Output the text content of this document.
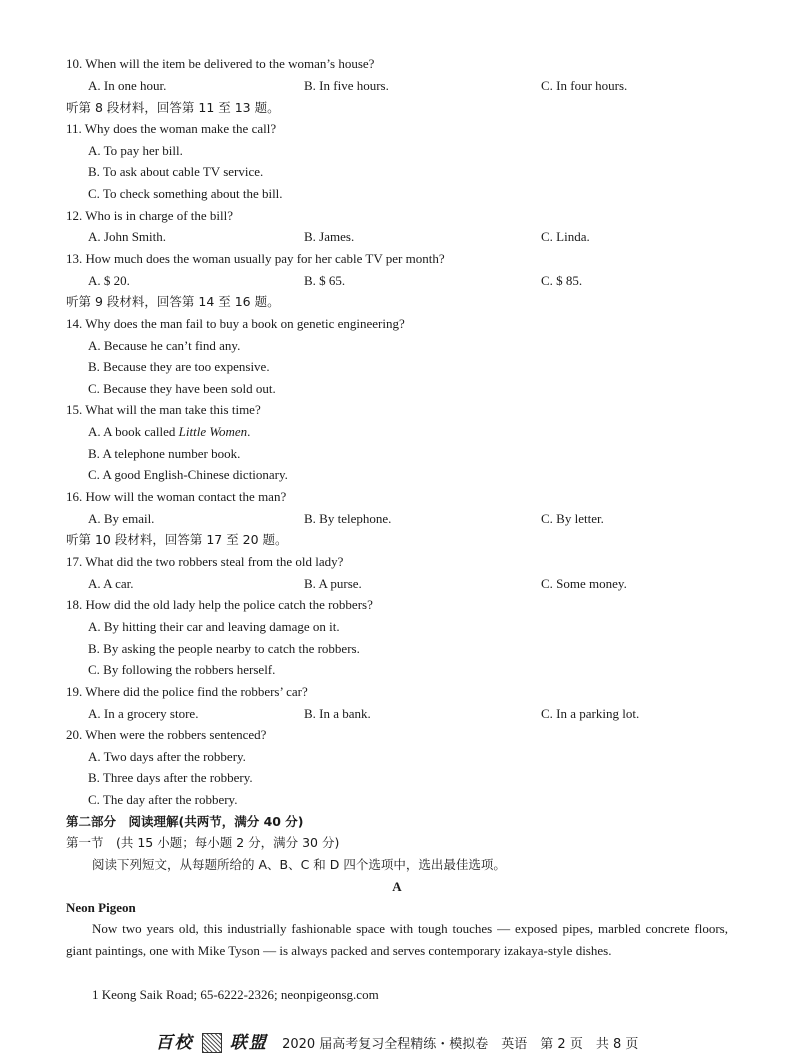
10. When will the item be delivered to the woman’s house?
A. In one hour.	B. In five hours.	C. In four hours.
听第 8 段材料，回答第 11 至 13 题。
11. Why does the woman make the call?
A. To pay her bill.
B. To ask about cable TV service.
C. To check something about the bill.
12. Who is in charge of the bill?
A. John Smith.	B. James.	C. Linda.
13. How much does the woman usually pay for her cable TV per month?
A. $ 20.	B. $ 65.	C. $ 85.
听第 9 段材料，回答第 14 至 16 题。
14. Why does the man fail to buy a book on genetic engineering?
A. Because he can’t find any.
B. Because they are too expensive.
C. Because they have been sold out.
15. What will the man take this time?
A. A book called Little Women.
B. A telephone number book.
C. A good English-Chinese dictionary.
16. How will the woman contact the man?
A. By email.	B. By telephone.	C. By letter.
听第 10 段材料，回答第 17 至 20 题。
17. What did the two robbers steal from the old lady?
A. A car.	B. A purse.	C. Some money.
18. How did the old lady help the police catch the robbers?
A. By hitting their car and leaving damage on it.
B. By asking the people nearby to catch the robbers.
C. By following the robbers herself.
19. Where did the police find the robbers’ car?
A. In a grocery store.	B. In a bank.	C. In a parking lot.
20. When were the robbers sentenced?
A. Two days after the robbery.
B. Three days after the robbery.
C. The day after the robbery.
第二部分　阅读理解(共两节，满分 40 分)
第一节　(共 15 小题；每小题 2 分，满分 30 分)
阅读下列短文，从每题所给的 A、B、C 和 D 四个选项中，选出最佳选项。
A
Neon Pigeon
Now two years old, this industrially fashionable space with tough touches — exposed pipes, marbled concrete floors, giant paintings, one with Mike Tyson — is always packed and serves contemporary izakaya-style dishes.
1 Keong Saik Road; 65-6222-2326; neonpigeonsg.com
百校 联盟 2020 届高考复习全程精练・模拟卷　英语　第 2 页　共 8 页
